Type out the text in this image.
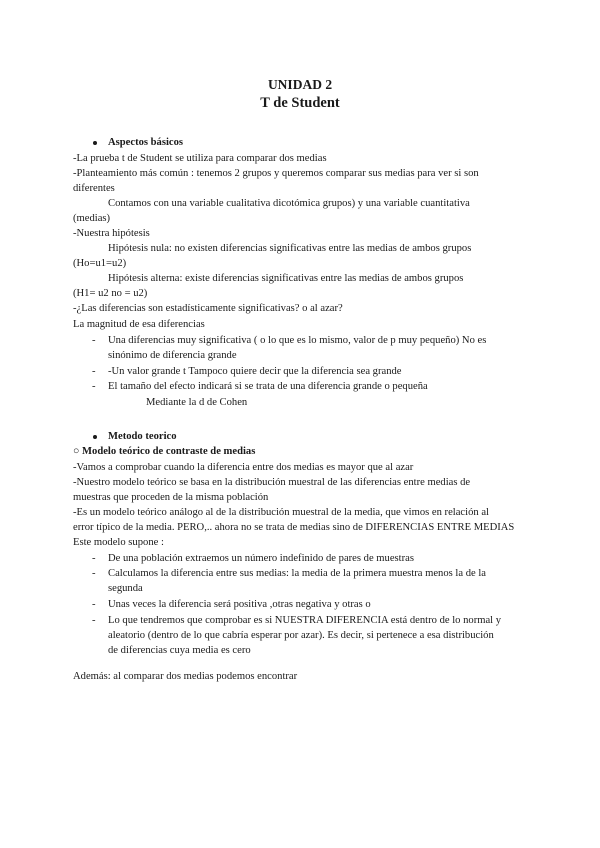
UNIDAD 2
T de Student
Aspectos básicos
-La prueba t de Student se utiliza para comparar dos medias
-Planteamiento más común : tenemos 2 grupos y queremos comparar sus medias para ver si son
diferentes
Contamos con una variable cualitativa dicotómica grupos) y una variable cuantitativa
(medias)
-Nuestra hipótesis
Hipótesis nula: no existen diferencias significativas entre las medias de ambos grupos
(Ho=u1=u2)
Hipótesis alterna: existe diferencias significativas entre las medias de ambos grupos
(H1= u2 no = u2)
-¿Las diferencias son estadísticamente significativas? o al azar?
La magnitud de esa diferencias
- Una diferencias muy significativa ( o lo que es lo mismo, valor de p muy pequeño) No es
sinónimo de diferencia grande
- -Un valor grande t Tampoco quiere decir que la diferencia sea grande
- El tamaño del efecto indicará si se trata de una diferencia grande o pequeña
Mediante la d de Cohen
Metodo teorico
○ Modelo teórico de contraste de medias
-Vamos a comprobar cuando la diferencia entre dos medias es mayor que al azar
-Nuestro modelo teórico se basa en la distribución muestral de las diferencias entre medias de
muestras que proceden de la misma población
-Es un modelo teórico análogo al de la distribución muestral de la media, que vimos en relación al
error típico de la media. PERO,.. ahora no se trata de medias sino de DIFERENCIAS ENTRE MEDIAS
Este modelo supone :
- De una población extraemos un número indefinido de pares de muestras
- Calculamos la diferencia entre sus medias: la media de la primera muestra menos la de la
segunda
- Unas veces la diferencia será positiva ,otras negativa y otras o
- Lo que tendremos que comprobar es si NUESTRA DIFERENCIA está dentro de lo normal y
aleatorio (dentro de lo que cabría esperar por azar). Es decir, si pertenece a esa distribución
de diferencias cuya media es cero
Además: al comparar dos medias podemos encontrar
